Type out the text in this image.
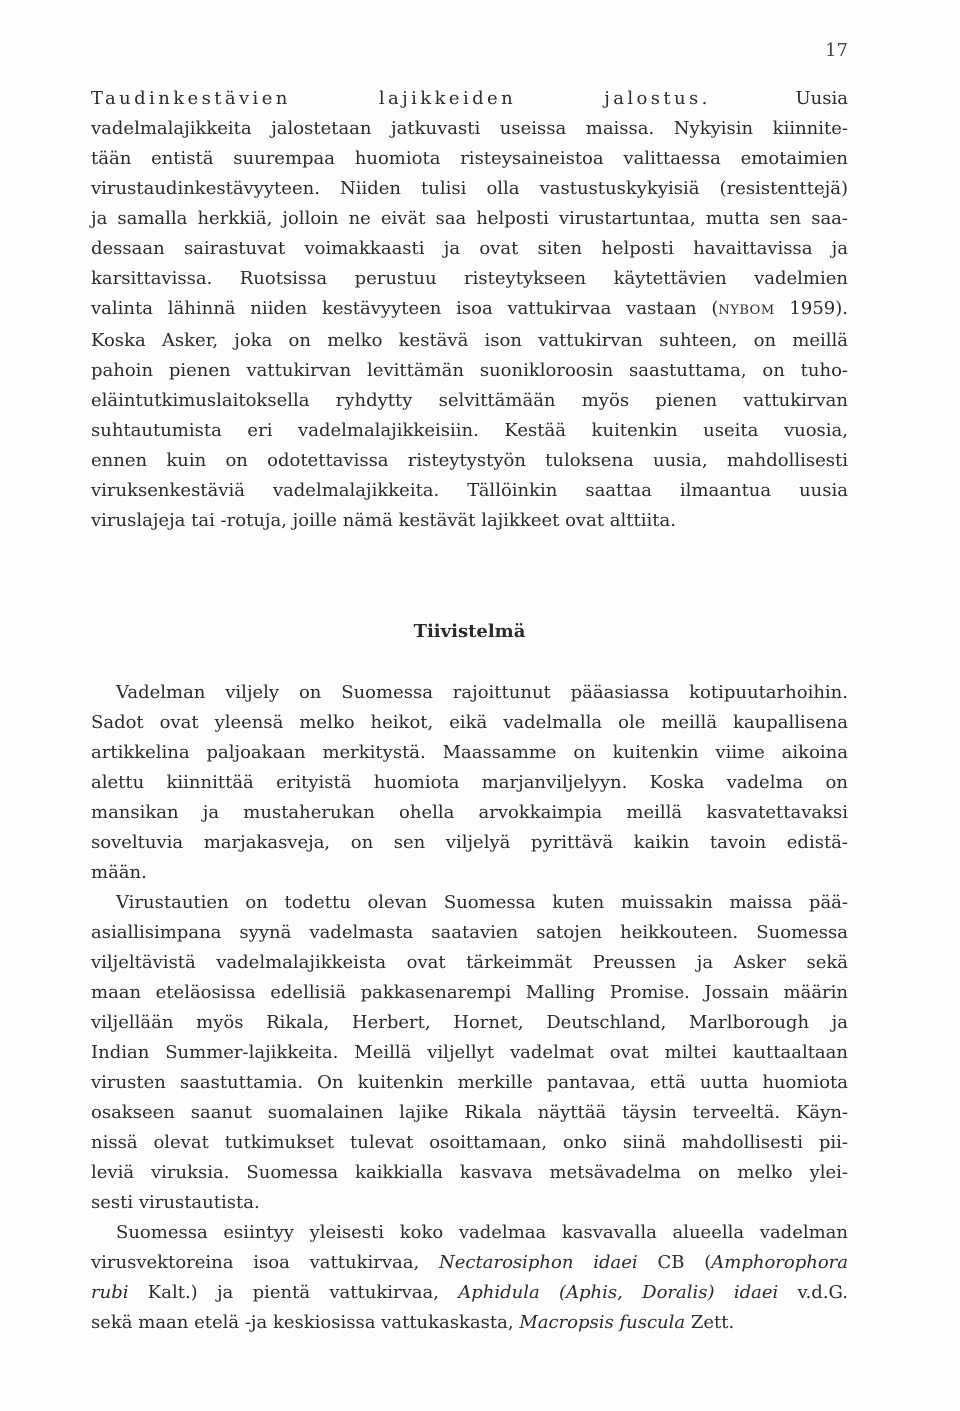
17

Taudinkestävien lajikkeiden jalostus. Uusia
vadelmalajikkeita jalostetaan jatkuvasti useissa maissa. Nykyisin kiinnite-
tään entistä suurempaa huomiota risteysaineistoa valittaessa emotaimien
virustaudinkestävyyteen. Niiden tulisi olla vastustuskykyisiä (resistenttejä)
ja samalla herkkiä, jolloin ne eivät saa helposti virustartuntaa, mutta sen saa-
dessaan sairastuvat voimakkaasti ja ovat siten helposti havaittavissa ja
karsittavissa. Ruotsissa perustuu risteytykseen käytettävien vadelmien
valinta lähinnä niiden kestävyyteen isoa vattukirvaa vastaan (NYBOM 1959).
Koska Asker, joka on melko kestävä ison vattukirvan suhteen, on meillä
pahoin pienen vattukirvan levittämän suonikloroosin saastuttama, on tuho-
eläintutkimuslaitoksella ryhdytty selvittämään myös pienen vattukirvan
suhtautumista eri vadelmalajikkeisiin. Kestää kuitenkin useita vuosia,
ennen kuin on odotettavissa risteytystyön tuloksena uusia, mahdollisesti
viruksenkestäviä vadelmalajikkeita. Tällöinkin saattaa ilmaantua uusia
viruslajeja tai -rotuja, joille nämä kestävät lajikkeet ovat alttiita.

Tiivistelmä

Vadelman viljely on Suomessa rajoittunut pääasiassa kotipuutarhoihin.
Sadot ovat yleensä melko heikot, eikä vadelmalla ole meillä kaupallisena
artikkelina paljoakaan merkitystä. Maassamme on kuitenkin viime aikoina
alettu kiinnittää erityistä huomiota marjanviljelyyn. Koska vadelma on
mansikan ja mustaherukan ohella arvokkaimpia meillä kasvatettavaksi
soveltuvia marjakasveja, on sen viljelyä pyrittävä kaikin tavoin edistä-
mään.

Virustautien on todettu olevan Suomessa kuten muissakin maissa pää-
asiallisimpana syynä vadelmasta saatavien satojen heikkouteen. Suomessa
viljeltävistä vadelmalajikkeista ovat tärkeimmät Preussen ja Asker sekä
maan eteläosissa edellisiä pakkasenarempi Malling Promise. Jossain määrin
viljellään myös Rikala, Herbert, Hornet, Deutschland, Marlborough ja
Indian Summer-lajikkeita. Meillä viljellyt vadelmat ovat miltei kauttaaltaan
virusten saastuttamia. On kuitenkin merkille pantavaa, että uutta huomiota
osakseen saanut suomalainen lajike Rikala näyttää täysin terveeltä. Käyn-
nissä olevat tutkimukset tulevat osoittamaan, onko siinä mahdollisesti pii-
leviä viruksia. Suomessa kaikkialla kasvava metsävadelma on melko ylei-
sesti virustautista.

Suomessa esiintyy yleisesti koko vadelmaa kasvavalla alueella vadelman
virusvektoreina isoa vattukirvaa, Nectarosiphon idaei CB (Amphorophora
rubi Kalt.) ja pientä vattukirvaa, Aphidula (Aphis, Doralis) idaei v.d.G.
sekä maan etelä -ja keskiosissa vattukaskasta, Macropsis fuscula Zett.
